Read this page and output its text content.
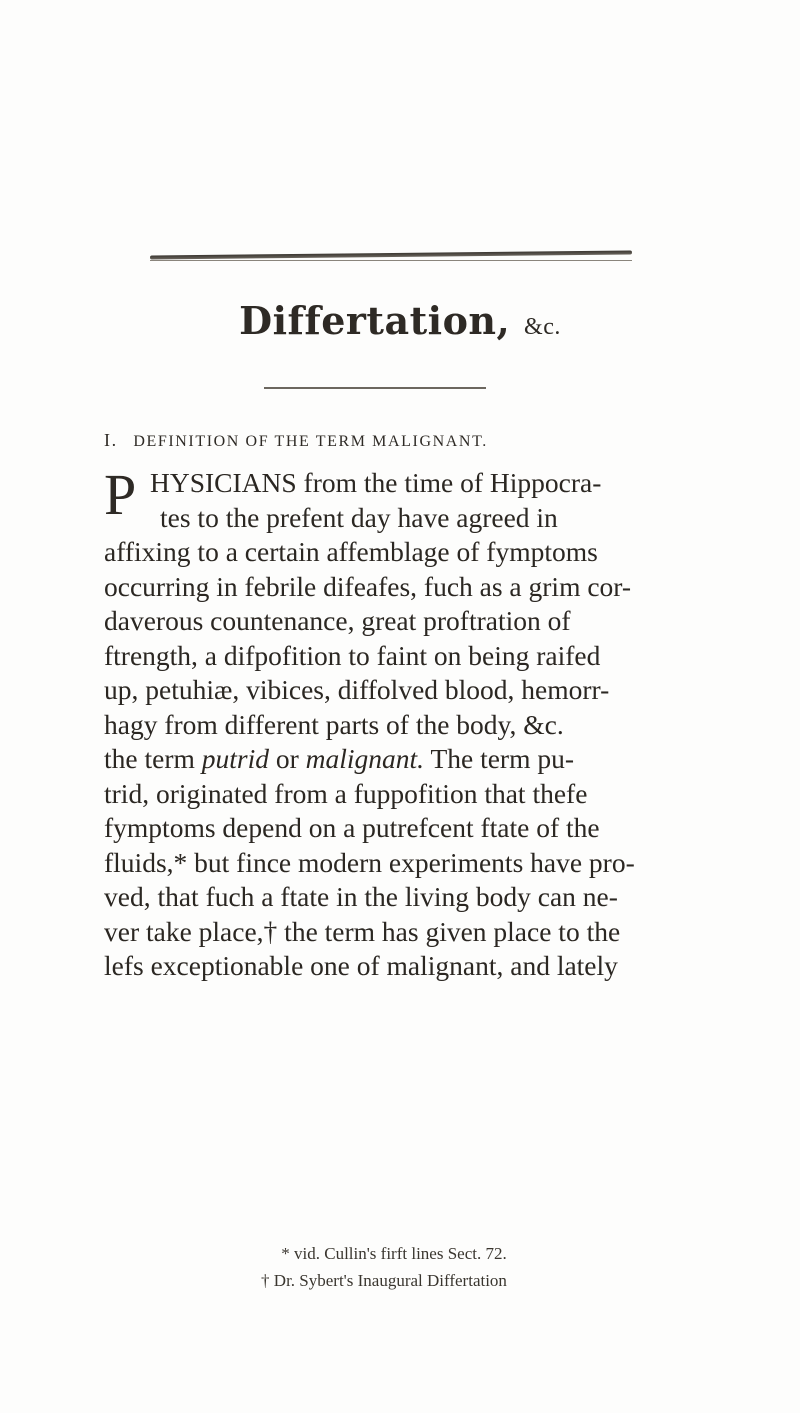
Differtation, &c.
I. DEFINITION OF THE TERM MALIGNANT.
P HYSICIANS from the time of Hippocra-
tes to the prefent day have agreed in
affixing to a certain affemblage of fymptoms
occurring in febrile difeafes, fuch as a grim cor-
daverous countenance, great proftration of
ftrength, a difpofition to faint on being raifed
up, petuhiæ, vibices, diffolved blood, hemorr-
hagy from different parts of the body, &c.
the term putrid or malignant. The term pu-
trid, originated from a fuppofition that thefe
fymptoms depend on a putrefcent ftate of the
fluids,* but fince modern experiments have pro-
ved, that fuch a ftate in the living body can ne-
ver take place,† the term has given place to the
lefs exceptionable one of malignant, and lately
* vid. Cullin's firft lines Sect. 72.
† Dr. Sybert's Inaugural Differtation
